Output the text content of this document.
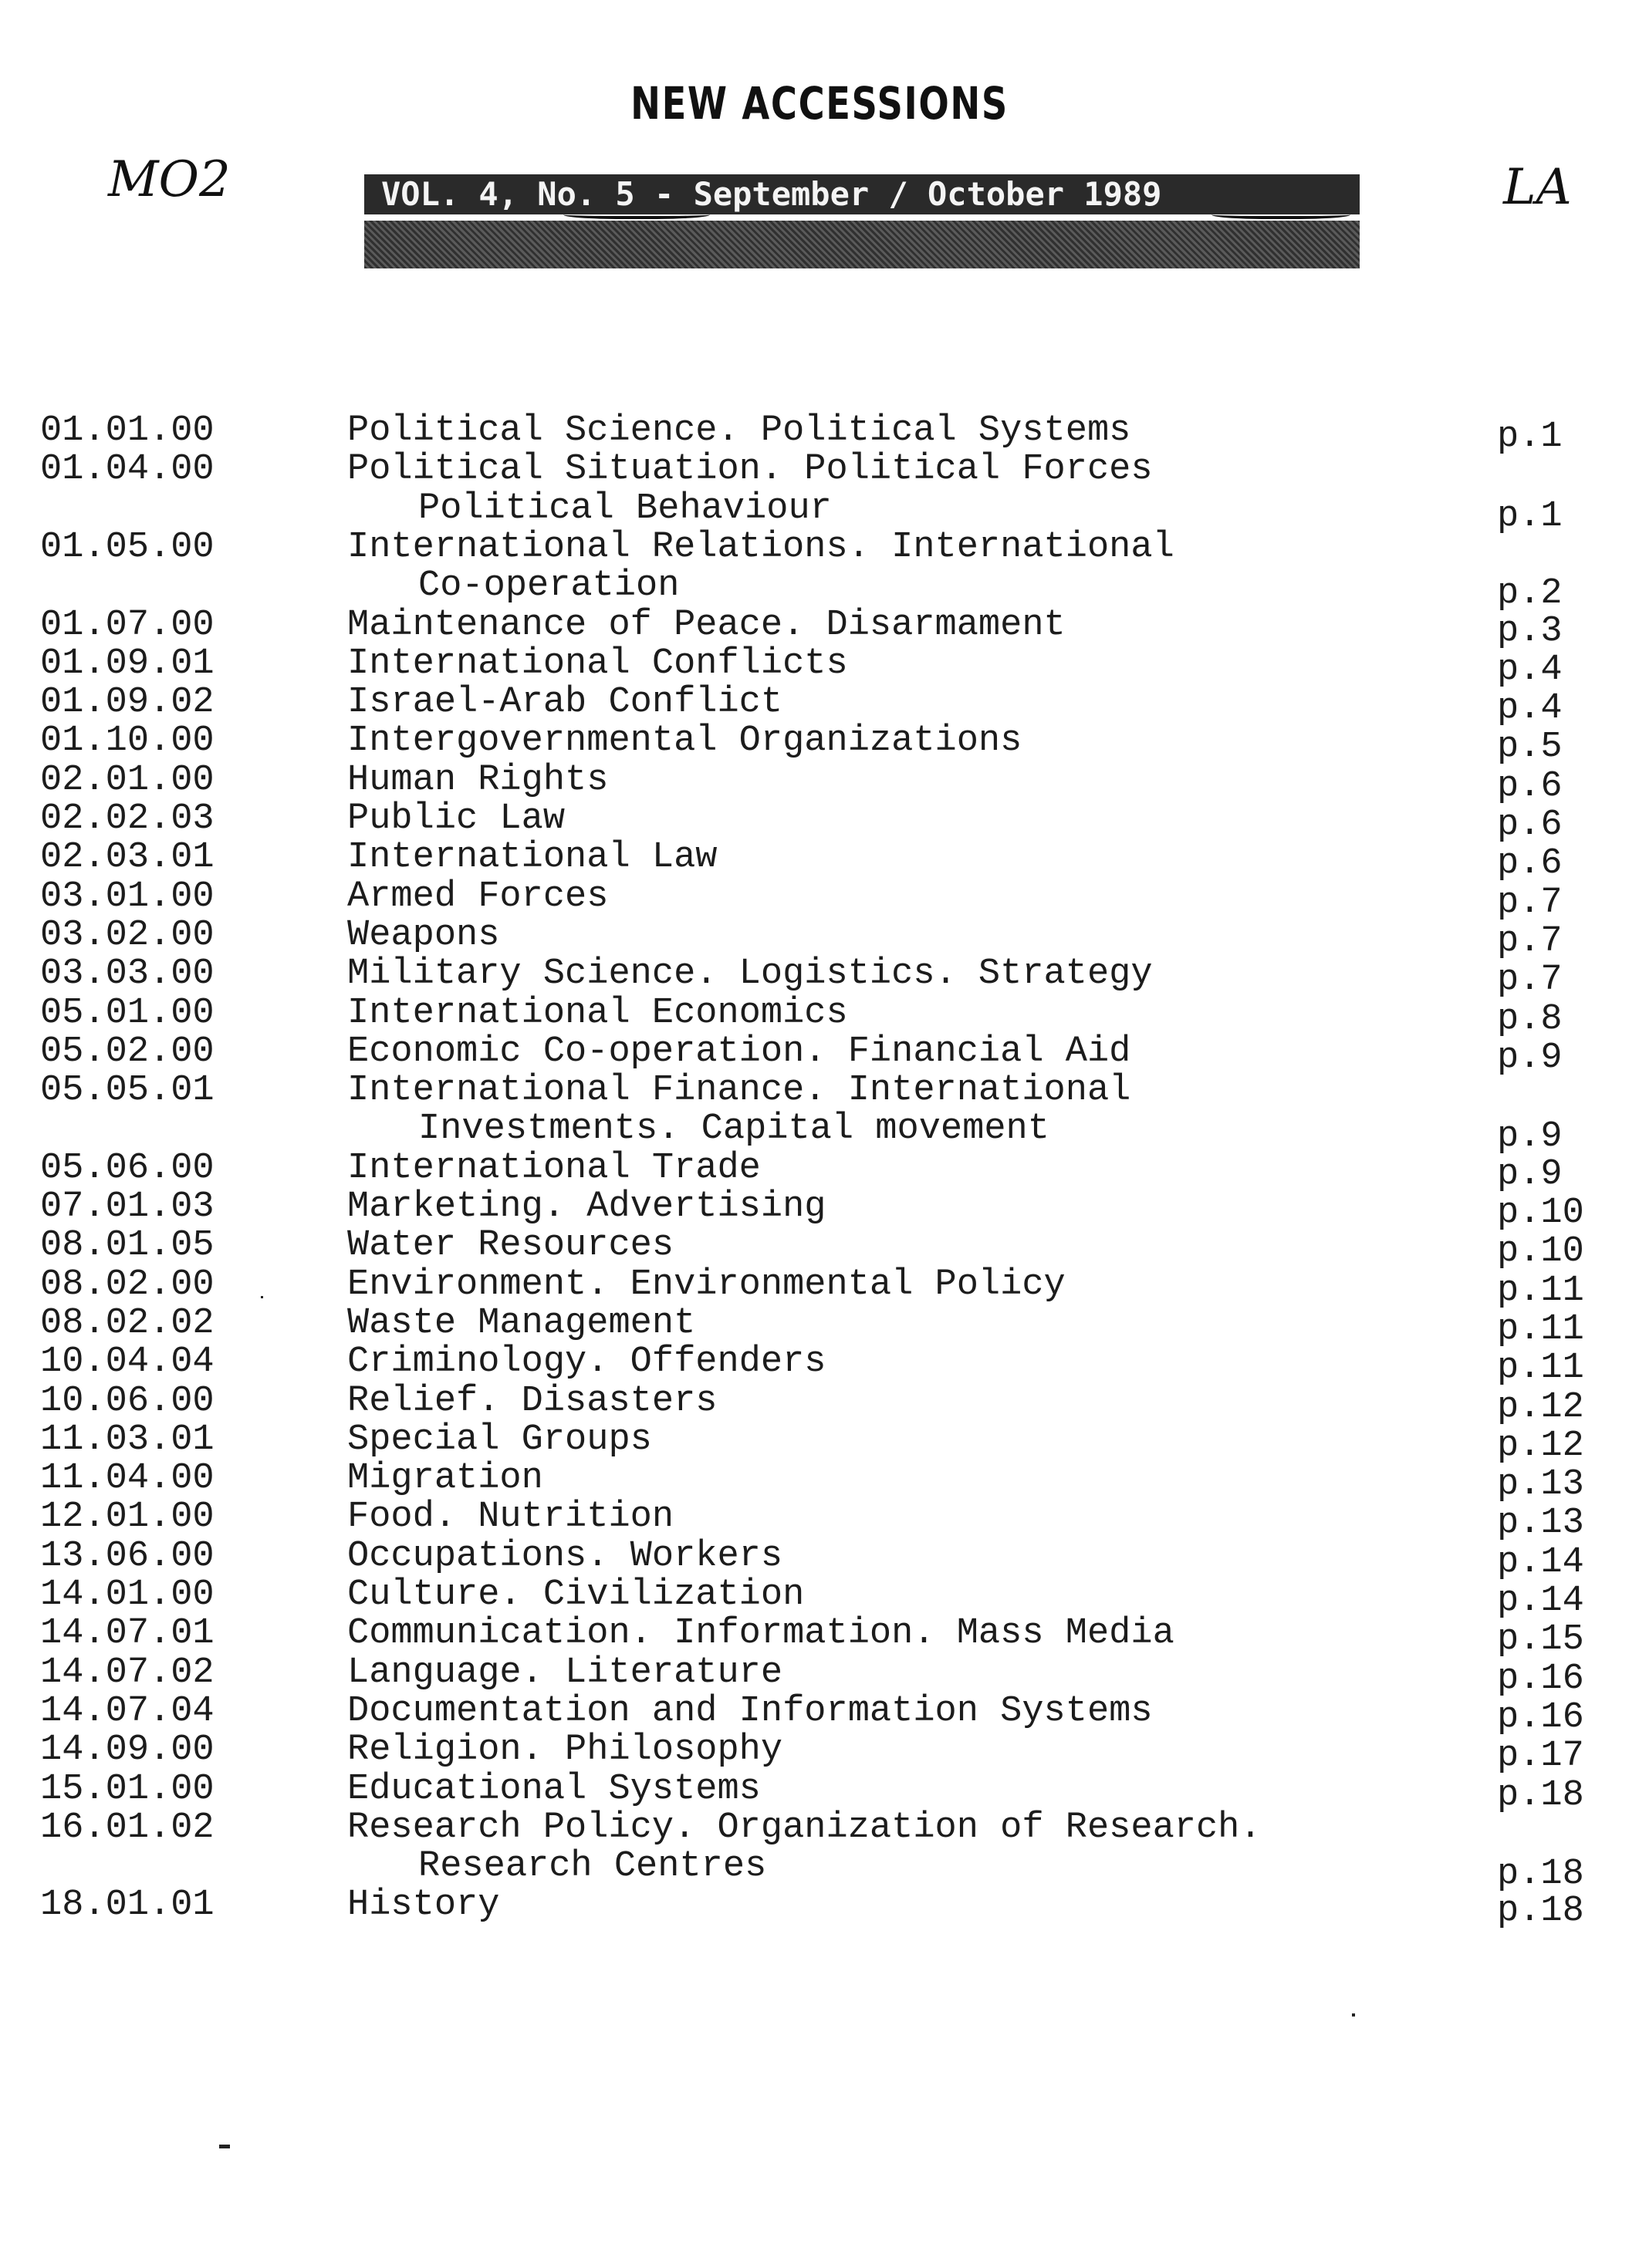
NEW ACCESSIONS
MO2	LA
VOL. 4, No. 5 - September / October 1989
01.01.00	Political Science. Political Systems	p.1
01.04.00	Political Situation. Political Forces
Political Behaviour	p.1
01.05.00	International Relations. International
Co-operation	p.2
01.07.00	Maintenance of Peace. Disarmament	p.3
01.09.01	International Conflicts	p.4
01.09.02	Israel-Arab Conflict	p.4
01.10.00	Intergovernmental Organizations	p.5
02.01.00	Human Rights	p.6
02.02.03	Public Law	p.6
02.03.01	International Law	p.6
03.01.00	Armed Forces	p.7
03.02.00	Weapons	p.7
03.03.00	Military Science. Logistics. Strategy	p.7
05.01.00	International Economics	p.8
05.02.00	Economic Co-operation. Financial Aid	p.9
05.05.01	International Finance. International
Investments. Capital movement	p.9
05.06.00	International Trade	p.9
07.01.03	Marketing. Advertising	p.10
08.01.05	Water Resources	p.10
08.02.00	Environment. Environmental Policy	p.11
08.02.02	Waste Management	p.11
10.04.04	Criminology. Offenders	p.11
10.06.00	Relief. Disasters	p.12
11.03.01	Special Groups	p.12
11.04.00	Migration	p.13
12.01.00	Food. Nutrition	p.13
13.06.00	Occupations. Workers	p.14
14.01.00	Culture. Civilization	p.14
14.07.01	Communication. Information. Mass Media	p.15
14.07.02	Language. Literature	p.16
14.07.04	Documentation and Information Systems	p.16
14.09.00	Religion. Philosophy	p.17
15.01.00	Educational Systems	p.18
16.01.02	Research Policy. Organization of Research.
Research Centres	p.18
18.01.01	History	p.18
